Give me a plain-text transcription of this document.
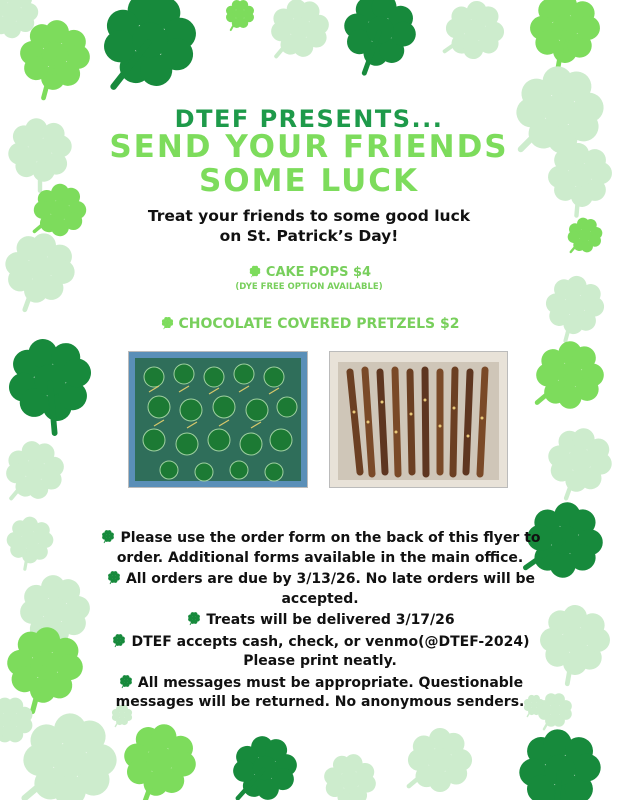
DTEF PRESENTS...
SEND YOUR FRIENDS
SOME LUCK
Treat your friends to some good luck
on St. Patrick’s Day!
CAKE POPS $4
(DYE FREE OPTION AVAILABLE)
CHOCOLATE COVERED PRETZELS $2

Please use the order form on the back of this flyer to order. Additional forms available in the main office.

All orders are due by 3/13/26. No late orders will be accepted.

Treats will be delivered 3/17/26

DTEF accepts cash, check, or venmo(@DTEF-2024)

Please print neatly.

All messages must be appropriate. Questionable messages will be returned. No anonymous senders.
